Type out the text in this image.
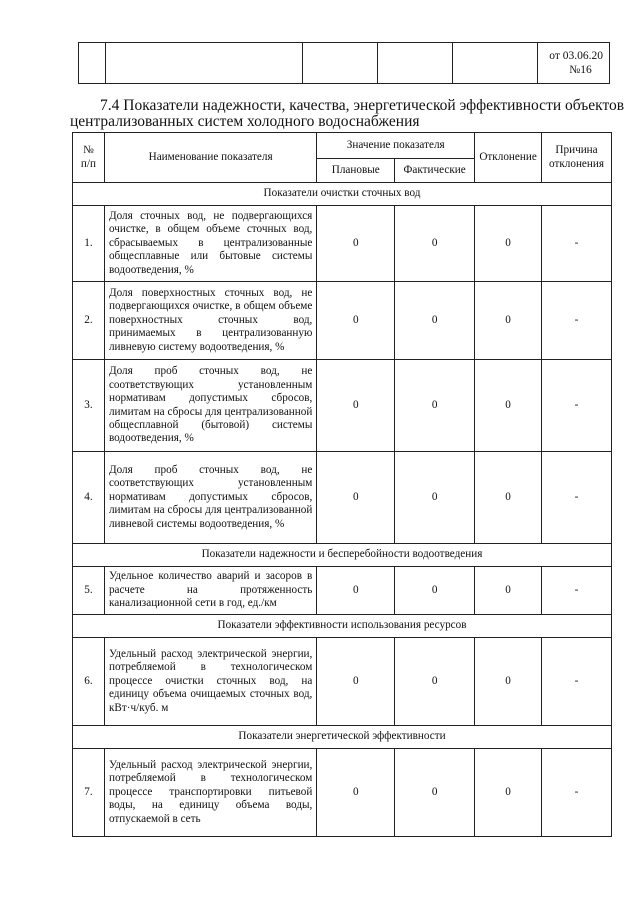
от 03.06.20
№16
7.4 Показатели надежности, качества, энергетической эффективности объектов
централизованных систем холодного водоснабжения
№ п/п	Наименование показателя	Значение показателя		Отклонение	Причина отклонения
		Плановые	Фактические		
Показатели очистки сточных вод					
1.	Доля сточных вод, не подвергающихся очистке, в общем объеме сточных вод, сбрасываемых в централизованные общесплавные или бытовые системы водоотведения, %	0	0	0	-
2.	Доля поверхностных сточных вод, не подвергающихся очистке, в общем объеме поверхностных сточных вод, принимаемых в централизованную ливневую систему водоотведения, %	0	0	0	-
3.	Доля проб сточных вод, не соответствующих установленным нормативам допустимых сбросов, лимитам на сбросы для централизованной общесплавной (бытовой) системы водоотведения, %	0	0	0	-
4.	Доля проб сточных вод, не соответствующих установленным нормативам допустимых сбросов, лимитам на сбросы для централизованной ливневой системы водоотведения, %	0	0	0	-
Показатели надежности и бесперебойности водоотведения					
5.	Удельное количество аварий и засоров в расчете на протяженность канализационной сети в год, ед./км	0	0	0	-
Показатели эффективности использования ресурсов					
6.	Удельный расход электрической энергии, потребляемой в технологическом процессе очистки сточных вод, на единицу объема очищаемых сточных вод, кВт·ч/куб. м	0	0	0	-
Показатели энергетической эффективности					
7.	Удельный расход электрической энергии, потребляемой в технологическом процессе транспортировки питьевой воды, на единицу объема воды, отпускаемой в сеть	0	0	0	-
